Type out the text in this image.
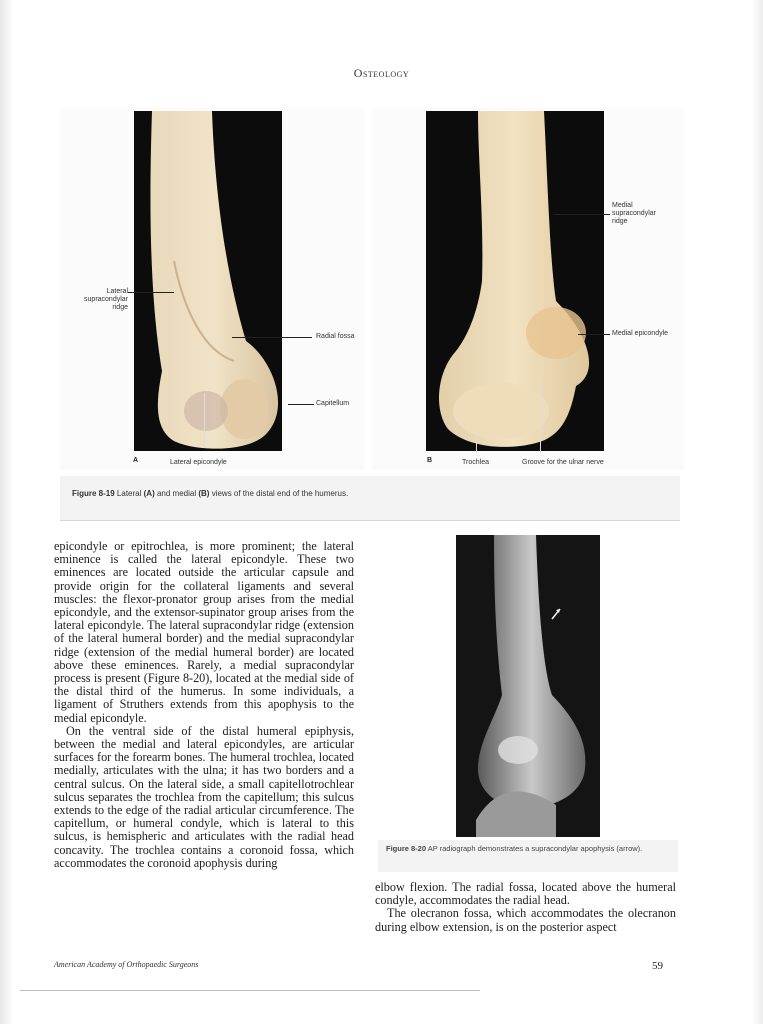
Osteology
Lateral supracondylar ridge
Radial fossa
Capitellum
A	Lateral epicondyle
Medial supracondylar ridge
Medial epicondyle
B	Trochlea	Groove for the ulnar nerve
Figure 8-19 Lateral (A) and medial (B) views of the distal end of the humerus.

epicondyle or epitrochlea, is more prominent; the lateral eminence is called the lateral epicondyle. These two eminences are located outside the articular capsule and provide origin for the collateral ligaments and several muscles: the flexor-pronator group arises from the medial epicondyle, and the extensor-supinator group arises from the lateral epicondyle. The lateral supracondylar ridge (extension of the lateral humeral border) and the medial supracondylar ridge (extension of the medial humeral border) are located above these eminences. Rarely, a medial supracondylar process is present (Figure 8-20), located at the medial side of the distal third of the humerus. In some individuals, a ligament of Struthers extends from this apophysis to the medial epicondyle.

On the ventral side of the distal humeral epiphysis, between the medial and lateral epicondyles, are articular surfaces for the forearm bones. The humeral trochlea, located medially, articulates with the ulna; it has two borders and a central sulcus. On the lateral side, a small capitellotrochlear sulcus separates the trochlea from the capitellum; this sulcus extends to the edge of the radial articular circumference. The capitellum, or humeral condyle, which is lateral to this sulcus, is hemispheric and articulates with the radial head concavity. The trochlea contains a coronoid fossa, which accommodates the coronoid apophysis during

Figure 8-20 AP radiograph demonstrates a supracondylar apophysis (arrow).

elbow flexion. The radial fossa, located above the humeral condyle, accommodates the radial head.

The olecranon fossa, which accommodates the olecranon during elbow extension, is on the posterior aspect

American Academy of Orthopaedic Surgeons	59
